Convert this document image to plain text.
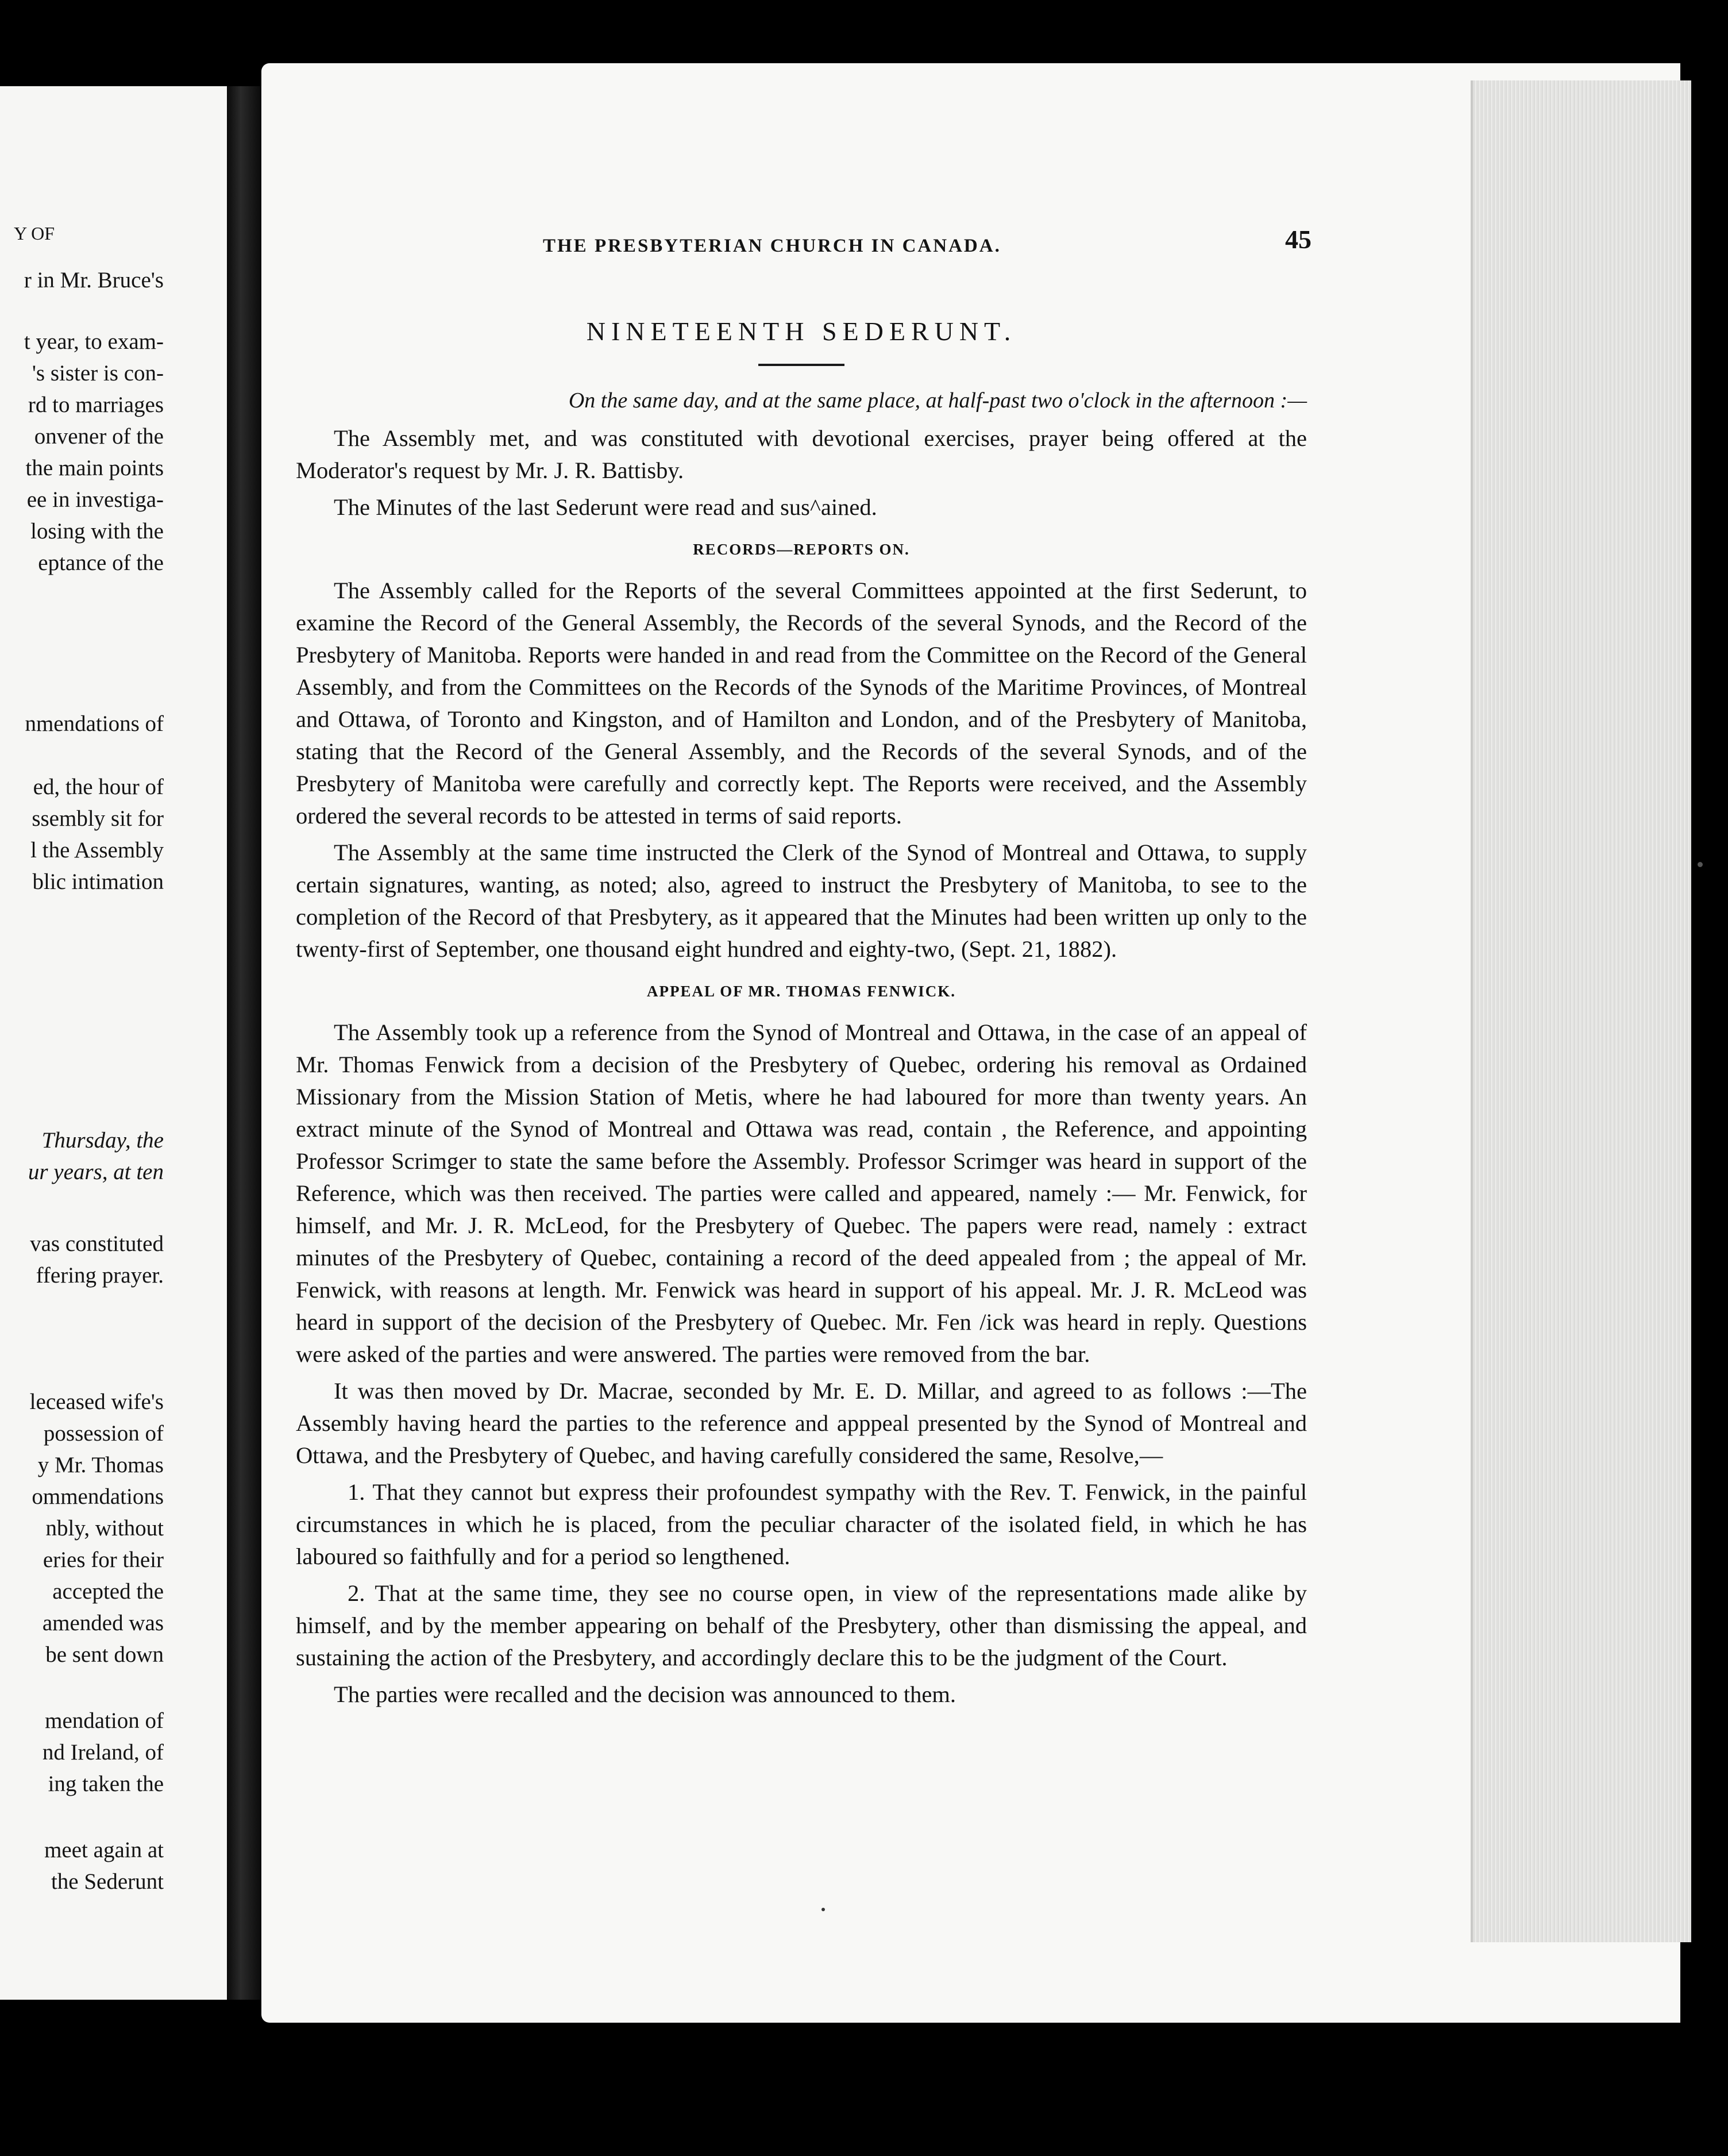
Y OF
r in Mr. Bruce's
t year, to exam-
's sister is con-
rd to marriages
onvener of the
the main points
ee in investiga-
losing with the
eptance of the
nmendations of
ed, the hour of
ssembly sit for
l the Assembly
blic intimation
Thursday, the
ur years, at ten
vas constituted
ffering prayer.
leceased wife's
possession of
y Mr. Thomas
ommendations
nbly, without
eries for their
accepted the
amended was
be sent down
mendation of
nd Ireland, of
ing taken the
meet again at
the Sederunt
THE PRESBYTERIAN CHURCH IN CANADA.	45
NINETEENTH SEDERUNT.
On the same day, and at the same place, at half-past two o'clock in the afternoon :—

The Assembly met, and was constituted with devotional exercises, prayer being offered at the Moderator's request by Mr. J. R. Battisby.

The Minutes of the last Sederunt were read and sus^ained.

RECORDS—REPORTS ON.

The Assembly called for the Reports of the several Committees appointed at the first Sederunt, to examine the Record of the General Assembly, the Records of the several Synods, and the Record of the Presbytery of Manitoba. Reports were handed in and read from the Committee on the Record of the General Assembly, and from the Committees on the Records of the Synods of the Maritime Provinces, of Montreal and Ottawa, of Toronto and Kingston, and of Hamilton and London, and of the Presbytery of Manitoba, stating that the Record of the General Assembly, and the Records of the several Synods, and of the Presbytery of Manitoba were carefully and correctly kept. The Reports were received, and the Assembly ordered the several records to be attested in terms of said reports.

The Assembly at the same time instructed the Clerk of the Synod of Montreal and Ottawa, to supply certain signatures, wanting, as noted; also, agreed to instruct the Presbytery of Manitoba, to see to the completion of the Record of that Presbytery, as it appeared that the Minutes had been written up only to the twenty-first of September, one thousand eight hundred and eighty-two, (Sept. 21, 1882).

APPEAL OF MR. THOMAS FENWICK.

The Assembly took up a reference from the Synod of Montreal and Ottawa, in the case of an appeal of Mr. Thomas Fenwick from a decision of the Presbytery of Quebec, ordering his removal as Ordained Missionary from the Mission Station of Metis, where he had laboured for more than twenty years. An extract minute of the Synod of Montreal and Ottawa was read, contain , the Reference, and appointing Professor Scrimger to state the same before the Assembly. Professor Scrimger was heard in support of the Reference, which was then received. The parties were called and appeared, namely :— Mr. Fenwick, for himself, and Mr. J. R. McLeod, for the Presbytery of Quebec. The papers were read, namely : extract minutes of the Presbytery of Quebec, containing a record of the deed appealed from ; the appeal of Mr. Fenwick, with reasons at length. Mr. Fenwick was heard in support of his appeal. Mr. J. R. McLeod was heard in support of the decision of the Presbytery of Quebec. Mr. Fen /ick was heard in reply. Questions were asked of the parties and were answered. The parties were removed from the bar.

It was then moved by Dr. Macrae, seconded by Mr. E. D. Millar, and agreed to as follows :—The Assembly having heard the parties to the reference and apppeal presented by the Synod of Montreal and Ottawa, and the Presbytery of Quebec, and having carefully considered the same, Resolve,—

1. That they cannot but express their profoundest sympathy with the Rev. T. Fenwick, in the painful circumstances in which he is placed, from the peculiar character of the isolated field, in which he has laboured so faithfully and for a period so lengthened.

2. That at the same time, they see no course open, in view of the representations made alike by himself, and by the member appearing on behalf of the Presbytery, other than dismissing the appeal, and sustaining the action of the Presbytery, and accordingly declare this to be the judgment of the Court.

The parties were recalled and the decision was announced to them.
